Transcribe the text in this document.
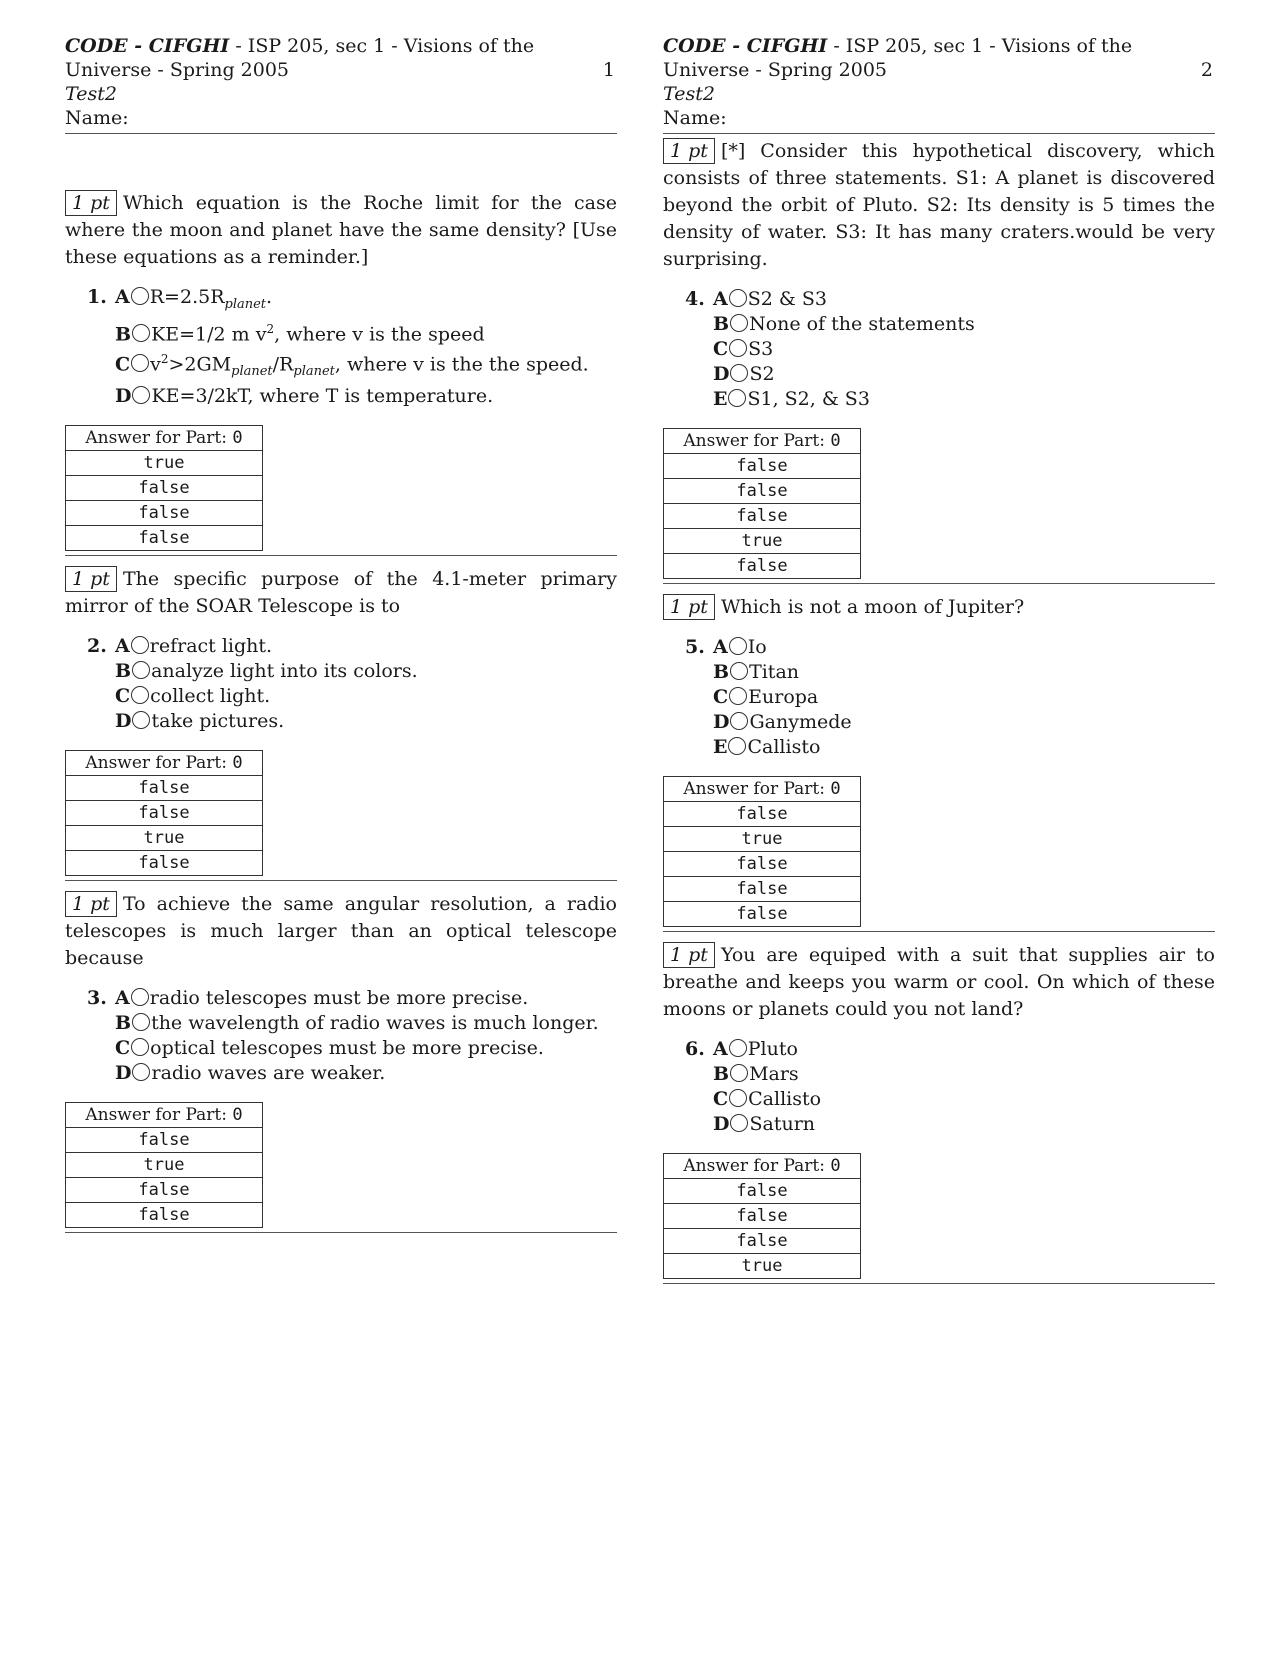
CODE - CIFGHI - ISP 205, sec 1 - Visions of the
Universe - Spring 2005	1
Test2
Name:
1 pt Which equation is the Roche limit for the case where the moon and planet have the same density? [Use these equations as a reminder.]
1. A $R=2.5R_{planet}$.
B KE=1/2 m $v^2$, where v is the speed
C $v^2>2GM_{planet}/R_{planet}$, where v is the the speed.
D KE=3/2kT, where T is temperature.
Answer for Part: 0
true
false
false
false
1 pt The specific purpose of the 4.1-meter primary mirror of the SOAR Telescope is to
2. A refract light.
B analyze light into its colors.
C collect light.
D take pictures.
Answer for Part: 0
false
false
true
false
1 pt To achieve the same angular resolution, a radio telescopes is much larger than an optical telescope because
3. A radio telescopes must be more precise.
B the wavelength of radio waves is much longer.
C optical telescopes must be more precise.
D radio waves are weaker.
Answer for Part: 0
false
true
false
false
CODE - CIFGHI - ISP 205, sec 1 - Visions of the
Universe - Spring 2005	2
Test2
Name:
1 pt [*] Consider this hypothetical discovery, which consists of three statements. S1: A planet is discovered beyond the orbit of Pluto. S2: Its density is 5 times the density of water. S3: It has many craters.would be very surprising.
4. A S2 & S3
B None of the statements
C S3
D S2
E S1, S2, & S3
Answer for Part: 0
false
false
false
true
false
1 pt Which is not a moon of Jupiter?
5. A Io
B Titan
C Europa
D Ganymede
E Callisto
Answer for Part: 0
false
true
false
false
false
1 pt You are equiped with a suit that supplies air to breathe and keeps you warm or cool. On which of these moons or planets could you not land?
6. A Pluto
B Mars
C Callisto
D Saturn
Answer for Part: 0
false
false
false
true
